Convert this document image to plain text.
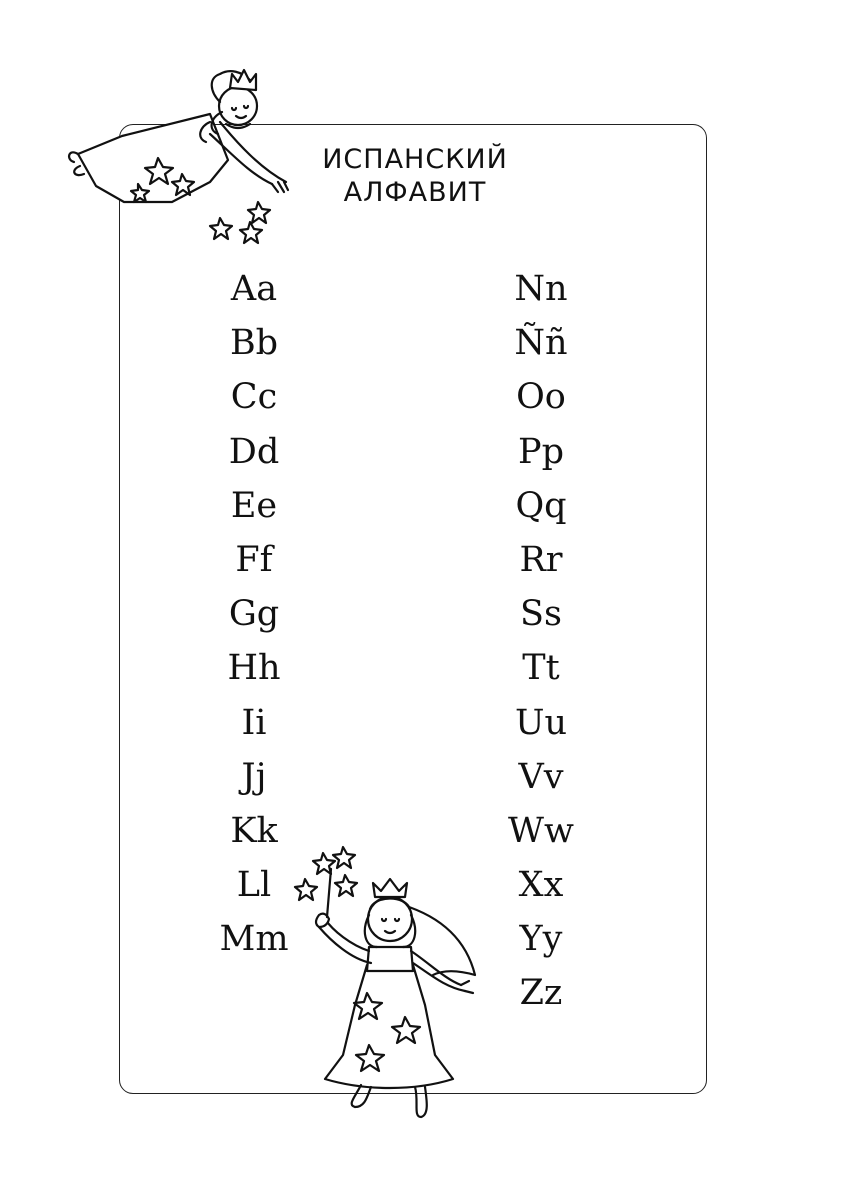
ИСПАНСКИЙ
АЛФАВИТ
Aa
Bb
Cc
Dd
Ee
Ff
Gg
Hh
Ii
Jj
Kk
Ll
Mm
Nn
Ññ
Oo
Pp
Qq
Rr
Ss
Tt
Uu
Vv
Ww
Xx
Yy
Zz
